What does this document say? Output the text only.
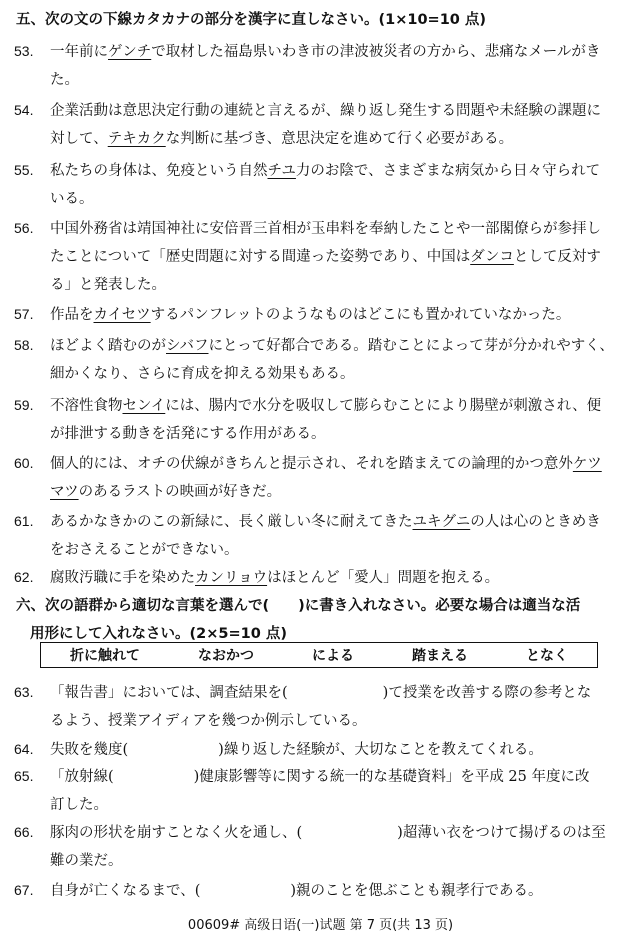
五、次の文の下線カタカナの部分を漢字に直しなさい。(1×10=10 点)
53. 一年前にゲンチで取材した福島県いわき市の津波被災者の方から、悲痛なメールがき
た。
54. 企業活動は意思決定行動の連続と言えるが、繰り返し発生する問題や未経験の課題に
対して、テキカクな判断に基づき、意思決定を進めて行く必要がある。
55. 私たちの身体は、免疫という自然チユ力のお陰で、さまざまな病気から日々守られて
いる。
56. 中国外務省は靖国神社に安倍晋三首相が玉串料を奉納したことや一部閣僚らが参拝し
たことについて「歴史問題に対する間違った姿勢であり、中国はダンコとして反対す
る」と発表した。
57. 作品をカイセツするパンフレットのようなものはどこにも置かれていなかった。
58. ほどよく踏むのがシバフにとって好都合である。踏むことによって芽が分かれやすく、
細かくなり、さらに育成を抑える効果もある。
59. 不溶性食物センイには、腸内で水分を吸収して膨らむことにより腸壁が刺激され、便
が排泄する動きを活発にする作用がある。
60. 個人的には、オチの伏線がきちんと提示され、それを踏まえての論理的かつ意外ケツ
マツのあるラストの映画が好きだ。
61. あるかなきかのこの新緑に、長く厳しい冬に耐えてきたユキグニの人は心のときめき
をおさえることができない。
62. 腐敗汚職に手を染めたカンリョウはほとんど「愛人」問題を抱える。
六、次の語群から適切な言葉を選んで(　　)に書き入れなさい。必要な場合は適当な活
用形にして入れなさい。(2×5=10 点)
折に触れて	なおかつ	による	踏まえる	となく
63. 「報告書」においては、調査結果を(	)て授業を改善する際の参考とな
るよう、授業アイディアを幾つか例示している。
64. 失敗を幾度(	)繰り返した経験が、大切なことを教えてくれる。
65. 「放射線(	)健康影響等に関する統一的な基礎資料」を平成 25 年度に改
訂した。
66. 豚肉の形状を崩すことなく火を通し、(	)超薄い衣をつけて揚げるのは至
難の業だ。
67. 自身が亡くなるまで、(	)親のことを偲ぶことも親孝行である。
00609# 高级日语(一)试题 第 7 页(共 13 页)
